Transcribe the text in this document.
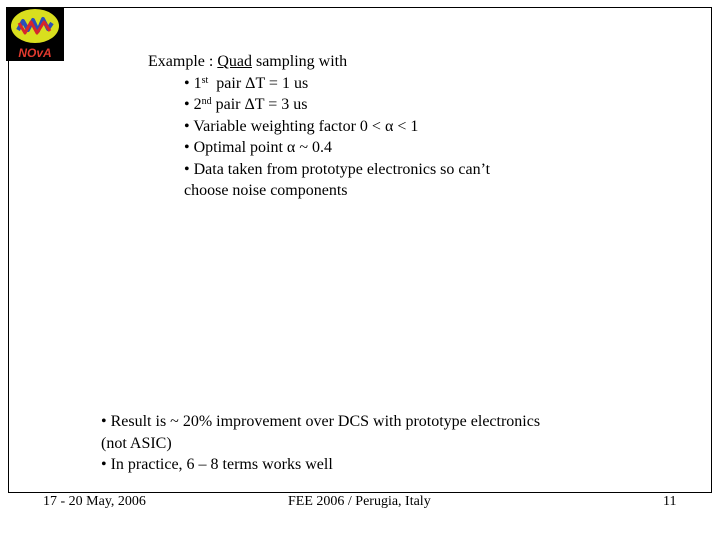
NOvA	Example : Quad sampling with
• 1st  pair ΔT = 1 us
• 2nd pair ΔT = 3 us
• Variable weighting factor 0 < α < 1
• Optimal point α ~ 0.4
• Data taken from prototype electronics so can’t
choose noise components
• Result is ~ 20% improvement over DCS with prototype electronics
(not ASIC)
• In practice, 6 – 8 terms works well
17 - 20 May, 2006	FEE 2006 / Perugia, Italy	11
